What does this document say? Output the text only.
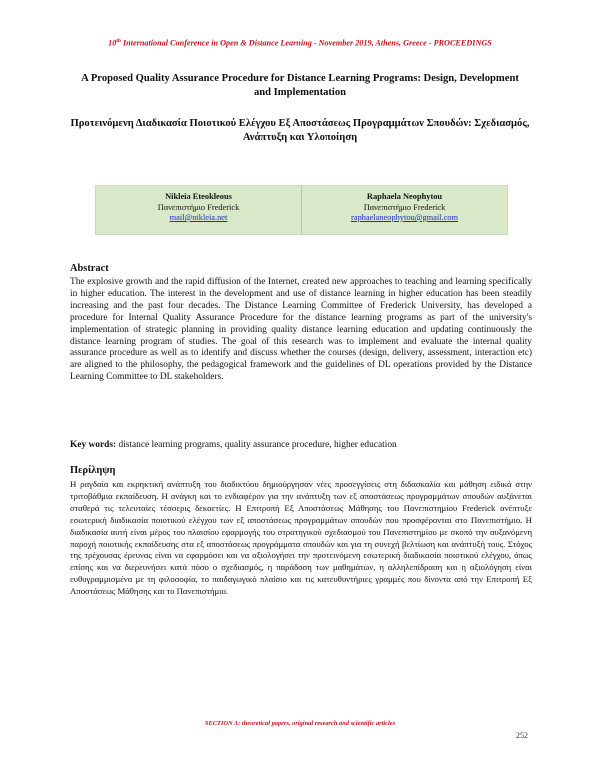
10th International Conference in Open & Distance Learning - November 2019, Athens, Greece - PROCEEDINGS
A Proposed Quality Assurance Procedure for Distance Learning Programs: Design, Development and Implementation
Προτεινόμενη Διαδικασία Ποιοτικού Ελέγχου Εξ Αποστάσεως Προγραμμάτων Σπουδών: Σχεδιασμός, Ανάπτυξη και Υλοποίηση
Nikleia Eteokleous
Πανεπιστήμιο Frederick
mail@nikleia.net
Raphaela Neophytou
Πανεπιστήμιο Frederick
raphaelaneophytou@gmail.com
Abstract
The explosive growth and the rapid diffusion of the Internet, created new approaches to teaching and learning specifically in higher education. The interest in the development and use of distance learning in higher education has been steadily increasing and the past four decades. The Distance Learning Committee of Frederick University, has developed a procedure for Internal Quality Assurance Procedure for the distance learning programs as part of the university's implementation of strategic planning in providing quality distance learning education and updating continuously the distance learning program of studies. The goal of this research was to implement and evaluate the internal quality assurance procedure as well as to identify and discuss whether the courses (design, delivery, assessment, interaction etc) are aligned to the philosophy, the pedagogical framework and the guidelines of DL operations provided by the Distance Learning Committee to DL stakeholders.
Key words: distance learning programs, quality assurance procedure, higher education
Περίληψη
Η ραγδαία και εκρηκτική ανάπτυξη του διαδικτύου δημιούργησαν νέες προσεγγίσεις στη διδασκαλία και μάθηση ειδικά στην τριτοβάθμια εκπαίδευση. Η ανάγκη και το ενδιαφέρον για την ανάπτυξη των εξ αποστάσεως προγραμμάτων σπουδών αυξάνεται σταθερά τις τελευταίες τέσσερις δεκαετίες. Η Επιτροπή Εξ Αποστάσεως Μάθησης του Πανεπιστημίου Frederick ανέπτυξε εσωτερική διαδικασία ποιοτικού ελέγχου των εξ αποστάσεως προγραμμάτων σπουδών που προσφέρονται στο Πανεπιστήμιο. Η διαδικασία αυτή είναι μέρος του πλαισίου εφαρμογής του στρατηγικού σχεδιασμού του Πανεπιστημίου με σκοπό την αυξανόμενη παροχή ποιοτικής εκπαίδευσης στα εξ αποστάσεως προγράμματα σπουδών και για τη συνεχή βελτίωση και ανάπτυξή τους. Στόχος της τρέχουσας έρευνας είναι να εφαρμόσει και να αξιολογήσει την προτεινόμενη εσωτερική διαδικασία ποιοτικού ελέγχου, όπως επίσης και να διερευνήσει κατά πόσο ο σχεδιασμός, η παράδοση των μαθημάτων, η αλληλεπίδραση και η αξιολόγηση είναι ευθυγραμμισμένα με τη φιλοσοφία, το παιδαγωγικό πλαίσιο και τις κατευθυντήριες γραμμές που δίνοντα από την Επιτροπή Εξ Αποστάσεως Μάθησης και το Πανεπιστήμιο.
SECTION A: theoretical papers, original research and scientific articles
252
